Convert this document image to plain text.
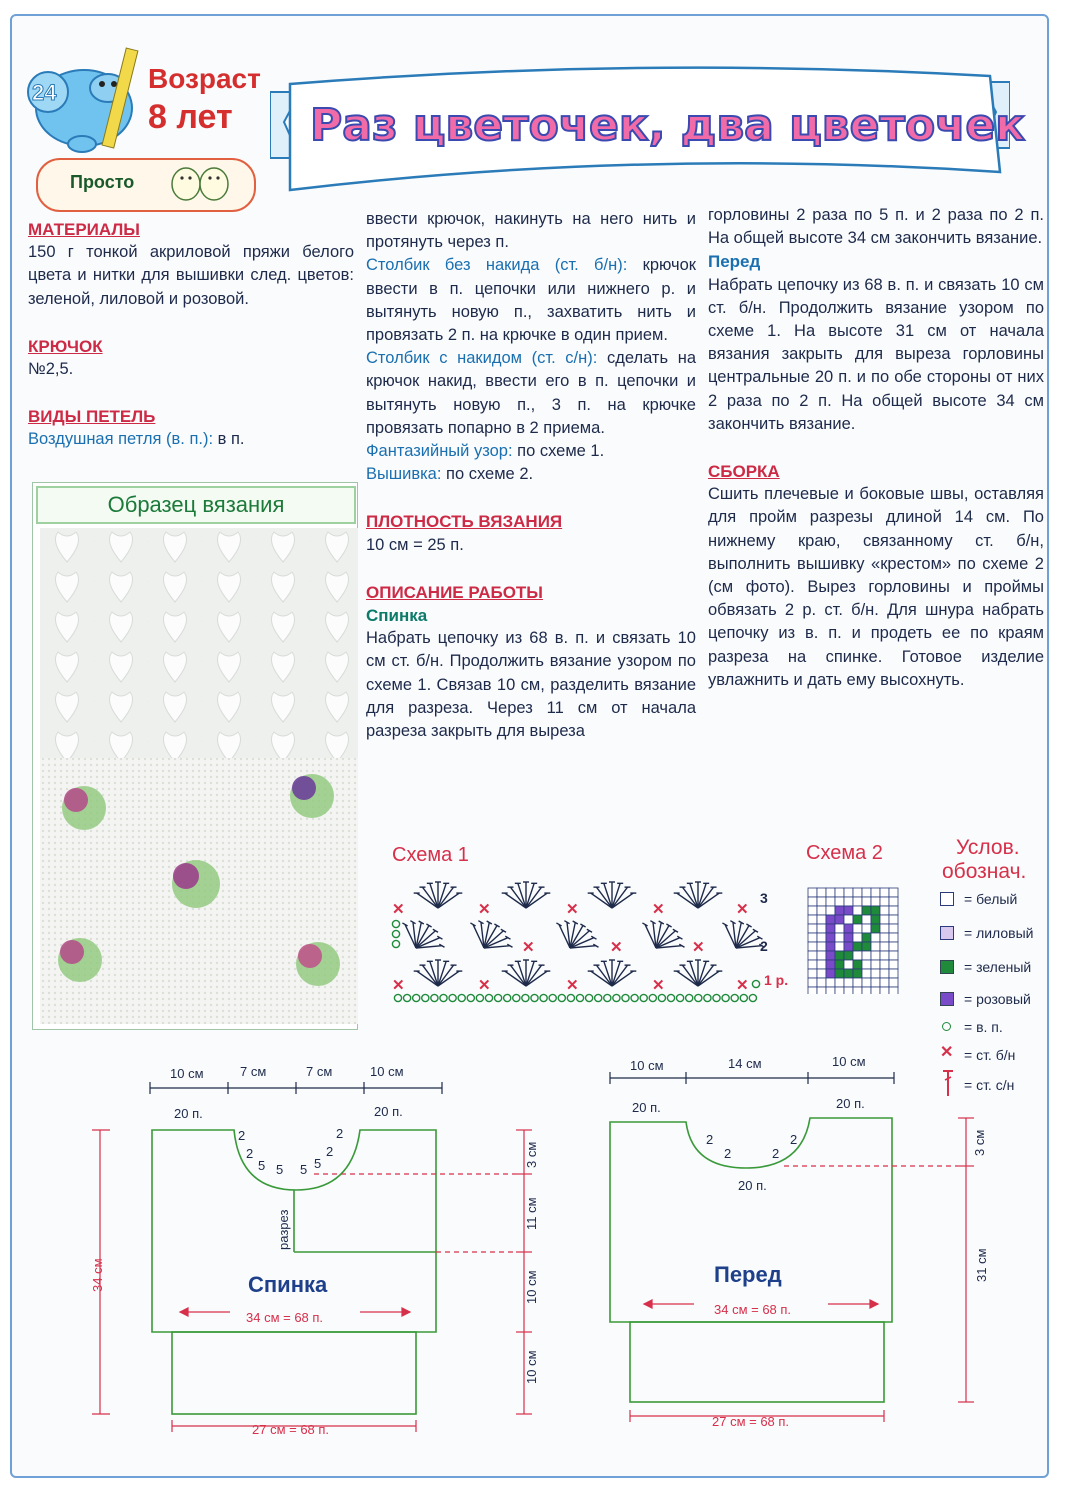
24	Возраст
8 лет
Просто
Раз цветочек, два цветочек

МАТЕРИАЛЫ

150 г тонкой акриловой пряжи белого цвета и нитки для вышивки след. цветов: зеленой, лиловой и розовой.

КРЮЧОК

№2,5.

ВИДЫ ПЕТЕЛЬ

Воздушная петля (в. п.): в п.

Образец вязания

ввести крючок, накинуть на него нить и протянуть через п.

Столбик без накида (ст. б/н): крючок ввести в п. цепочки или нижнего р. и вытянуть новую п., захватить нить и провязать 2 п. на крючке в один прием.

Столбик с накидом (ст. с/н): сделать на крючок накид, ввести его в п. цепочки и вытянуть новую п., 3 п. на крючке провязать попарно в 2 приема.

Фантазийный узор: по схеме 1.

Вышивка: по схеме 2.

ПЛОТНОСТЬ ВЯЗАНИЯ

10 см = 25 п.

ОПИСАНИЕ РАБОТЫ

Спинка

Набрать цепочку из 68 в. п. и связать 10 см ст. б/н. Продолжить вязание узором по схеме 1. Связав 10 см, разделить вязание для разреза. Через 11 см от начала разреза закрыть для выреза

горловины 2 раза по 5 п. и 2 раза по 2 п. На общей высоте 34 см закончить вязание.

Перед

Набрать цепочку из 68 в. п. и связать 10 см ст. б/н. Продолжить вязание узором по схеме 1. На высоте 31 см от начала вязания закрыть для выреза горловины центральные 20 п. и по обе стороны от них 2 раза по 2 п. На общей высоте 34 см закончить вязание.

СБОРКА

Сшить плечевые и боковые швы, оставляя для пройм разрезы длиной 14 см. По нижнему краю, связанному ст. б/н, выполнить вышивку «крестом» по схеме 2 (см фото). Вырез горловины и проймы обвязать 2 р. ст. б/н. Для шнура набрать цепочку из в. п. и продеть ее по краям разреза на спинке. Готовое изделие увлажнить и дать ему высохнуть.

Схема 1
✕	✕	✕	✕	✕
✕	✕	✕
✕	✕	✕	✕	✕
3
2
1 р.
Схема 2	Услов.
обознач.
= белый
= лиловый
= зеленый
= розовый
= в. п.
✕ = ст. б/н
= ст. с/н
10 см	7 см	7 см	10 см
20 п.	20 п.
2
2
5 5 5 5
2
2
разрез
Спинка
34 см = 68 п.
27 см = 68 п.
34 см
3 см
11 см
10 см
10 см
10 см	14 см	10 см
20 п.	20 п.
2
2	2
2
20 п.
Перед
34 см = 68 п.
27 см = 68 п.
3 см
31 см
